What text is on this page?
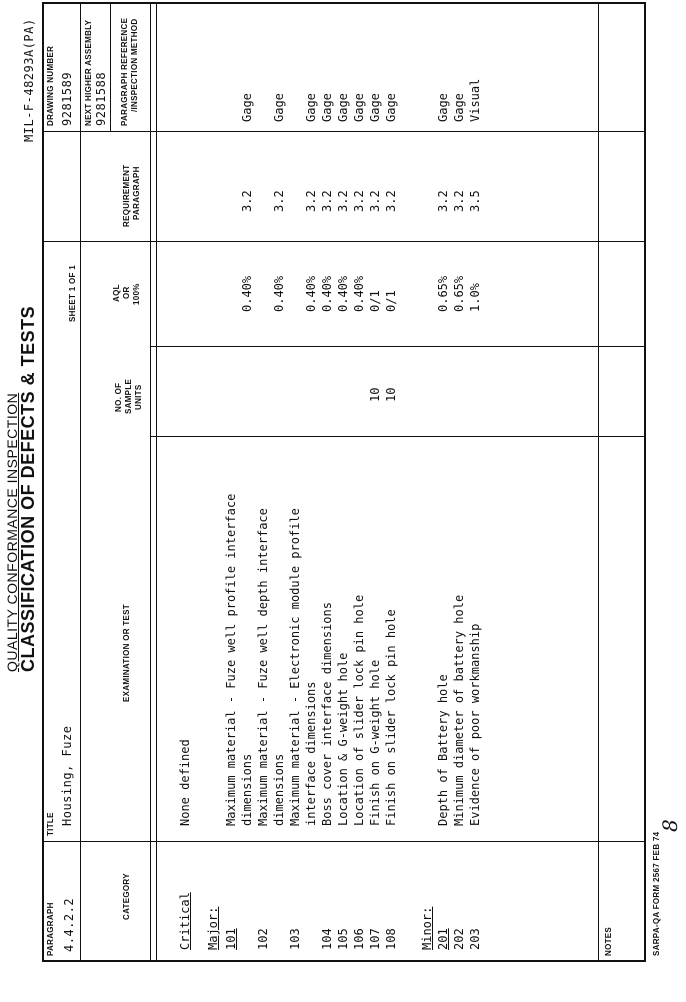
QUALITY CONFORMANCE INSPECTION
CLASSIFICATION OF DEFECTS & TESTS
MIL-F-48293A(PA)
PARAGRAPH 4.4.2.2
TITLE Housing, Fuze
SHEET 1 OF 1
DRAWING NUMBER 9281589 NEXT HIGHER ASSEMBLY 9281588
CATEGORY
EXAMINATION OR TEST
NO. OF SAMPLE UNITS
AQL OR 100%
REQUIREMENT PARAGRAPH
PARAGRAPH REFERENCE /INSPECTION METHOD
Critical
None defined
Major: 101
Maximum material - Fuze well profile interface dimensions
0.40%
3.2
Gage
102
Maximum material - Fuze well depth interface dimensions
0.40%
3.2
Gage
103
Maximum material - Electronic module profile interface dimensions
0.40%
3.2
Gage
104
Boss cover interface dimensions
0.40%
3.2
Gage
105
Location & G-weight hole
0.40%
3.2
Gage
106
Location of slider lock pin hole
0.40%
3.2
Gage
107
Finish on G-weight hole
10
0/1
3.2
Gage
108
Finish on slider lock pin hole
10
0/1
3.2
Gage
Minor: 201
Depth of Battery hole
0.65%
3.2
Gage
202
Minimum diameter of battery hole
0.65%
3.2
Gage
203
Evidence of poor workmanship
1.0%
3.5
Visual
NOTES	SARPA-QA FORM 2567 FEB 74
8
